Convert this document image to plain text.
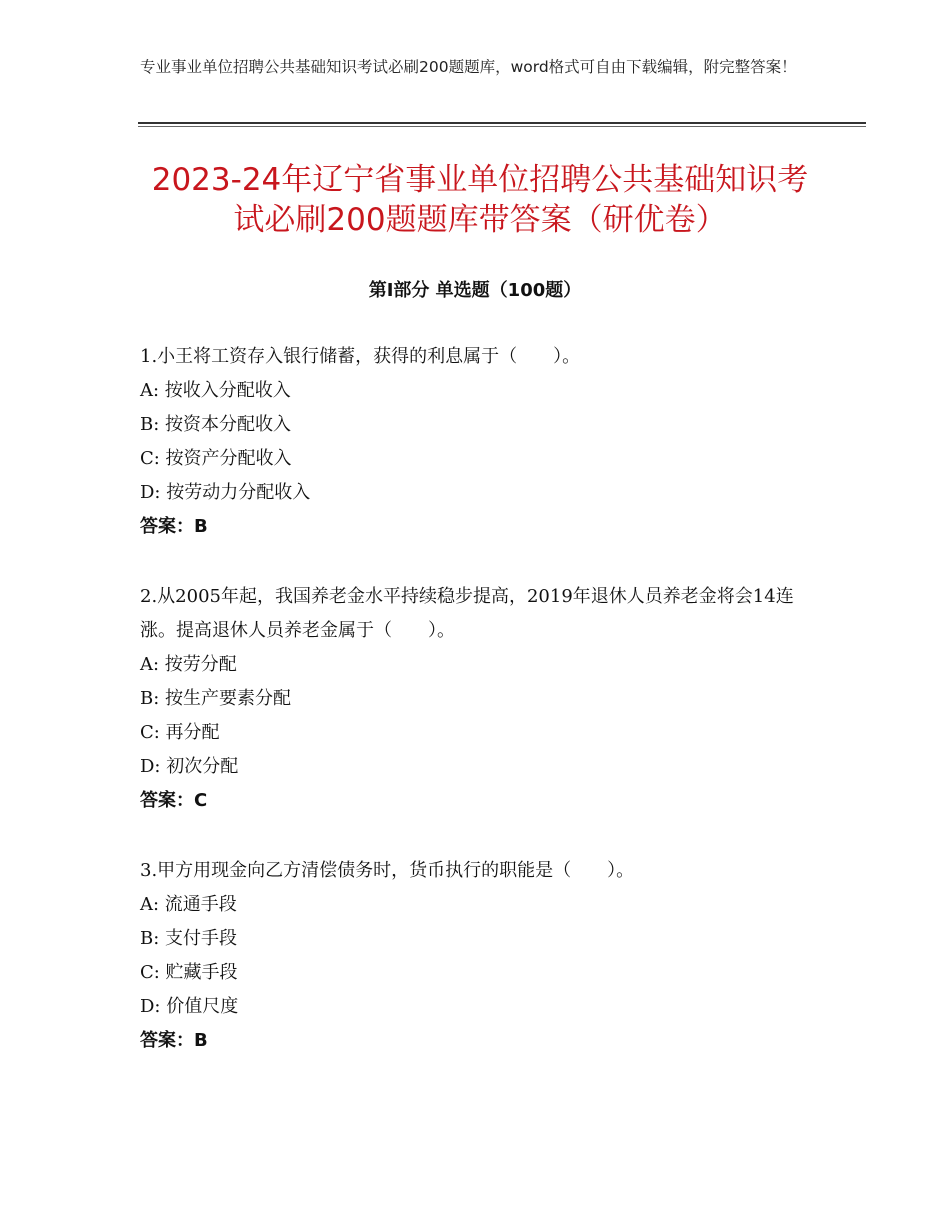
专业事业单位招聘公共基础知识考试必刷200题题库，word格式可自由下载编辑，附完整答案！
2023-24年辽宁省事业单位招聘公共基础知识考试必刷200题题库带答案（研优卷）
第Ⅰ部分 单选题（100题）

1.小王将工资存入银行储蓄，获得的利息属于（　　）。

A: 按收入分配收入

B: 按资本分配收入

C: 按资产分配收入

D: 按劳动力分配收入

答案：B

2.从2005年起，我国养老金水平持续稳步提高，2019年退休人员养老金将会14连涨。提高退休人员养老金属于（　　）。

A: 按劳分配

B: 按生产要素分配

C: 再分配

D: 初次分配

答案：C

3.甲方用现金向乙方清偿债务时，货币执行的职能是（　　）。

A: 流通手段

B: 支付手段

C: 贮藏手段

D: 价值尺度

答案：B
